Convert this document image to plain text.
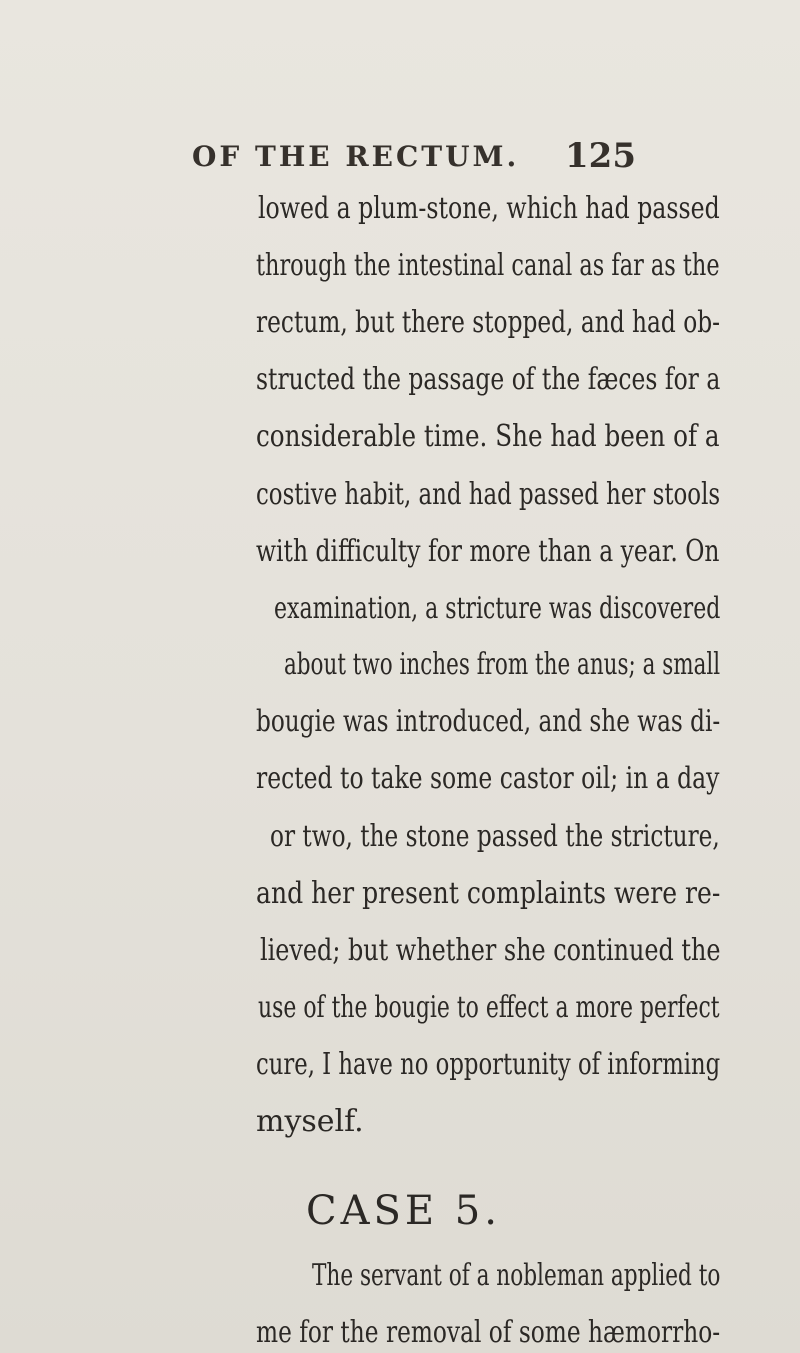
OF THE RECTUM. 125
lowed a plum-stone, which had passed
through the intestinal canal as far as the
rectum, but there stopped, and had ob-
structed the passage of the fæces for a
considerable time. She had been of a
costive habit, and had passed her stools
with difficulty for more than a year. On
examination, a stricture was discovered
about two inches from the anus; a small
bougie was introduced, and she was di-
rected to take some castor oil; in a day
or two, the stone passed the stricture,
and her present complaints were re-
lieved; but whether she continued the
use of the bougie to effect a more perfect
cure, I have no opportunity of informing
myself.
CASE 5.
The servant of a nobleman applied to
me for the removal of some hæmorrho-
